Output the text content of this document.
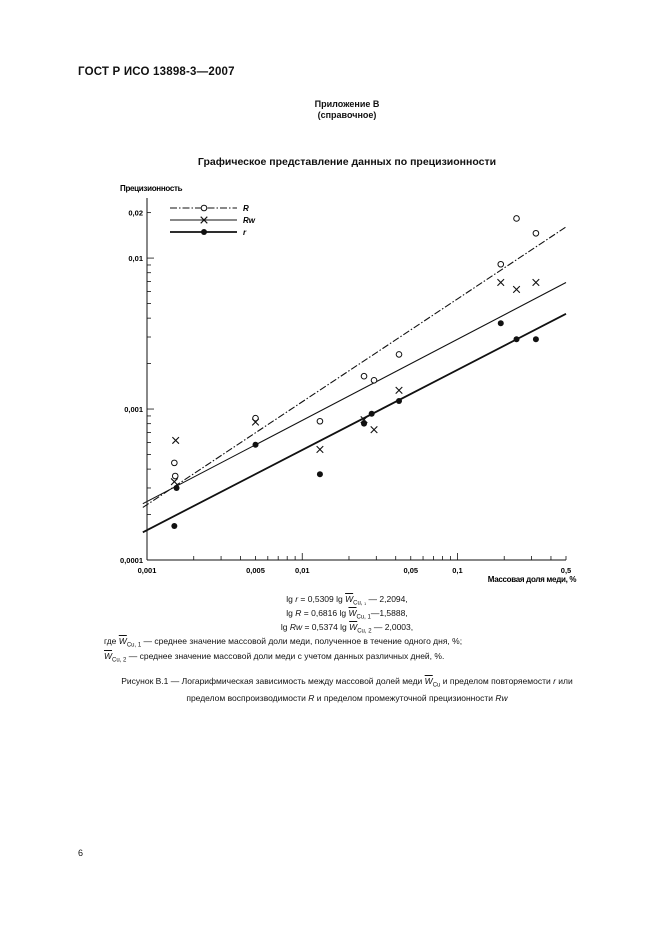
ГОСТ Р ИСО 13898-3—2007
Приложение B
(справочное)
Графическое представление данных по прецизионности
0,001	0,005	0,01	0,05	0,1	0,5
0,0001
0,001
0,01
0,02
R
Rw
r
Прецизионность
Массовая доля меди, %
lg r = 0,5309 $\lg \overline{W}_{Cu, _1}$ — 2,2094,
lg R = 0,6816 $\lg \overline{W}_{Cu, 1}—1,5888$,
lg Rw = 0,5374 $\lg \overline{W}_{Cu, 2}$ — 2,0003,
где $\overline{W}_{Cu, 1}$ — среднее значение массовой доли меди, полученное в течение одного дня, %;
$\overline{W}_{Cu, 2}$ — среднее значение массовой доли меди с учетом данных различных дней, %.
Рисунок В.1 — Логарифмическая зависимость между массовой долей меди $\overline{W}_{Cu}$ и пределом повторяемости r или
пределом воспроизводимости R и пределом промежуточной прецизионности Rw
6
